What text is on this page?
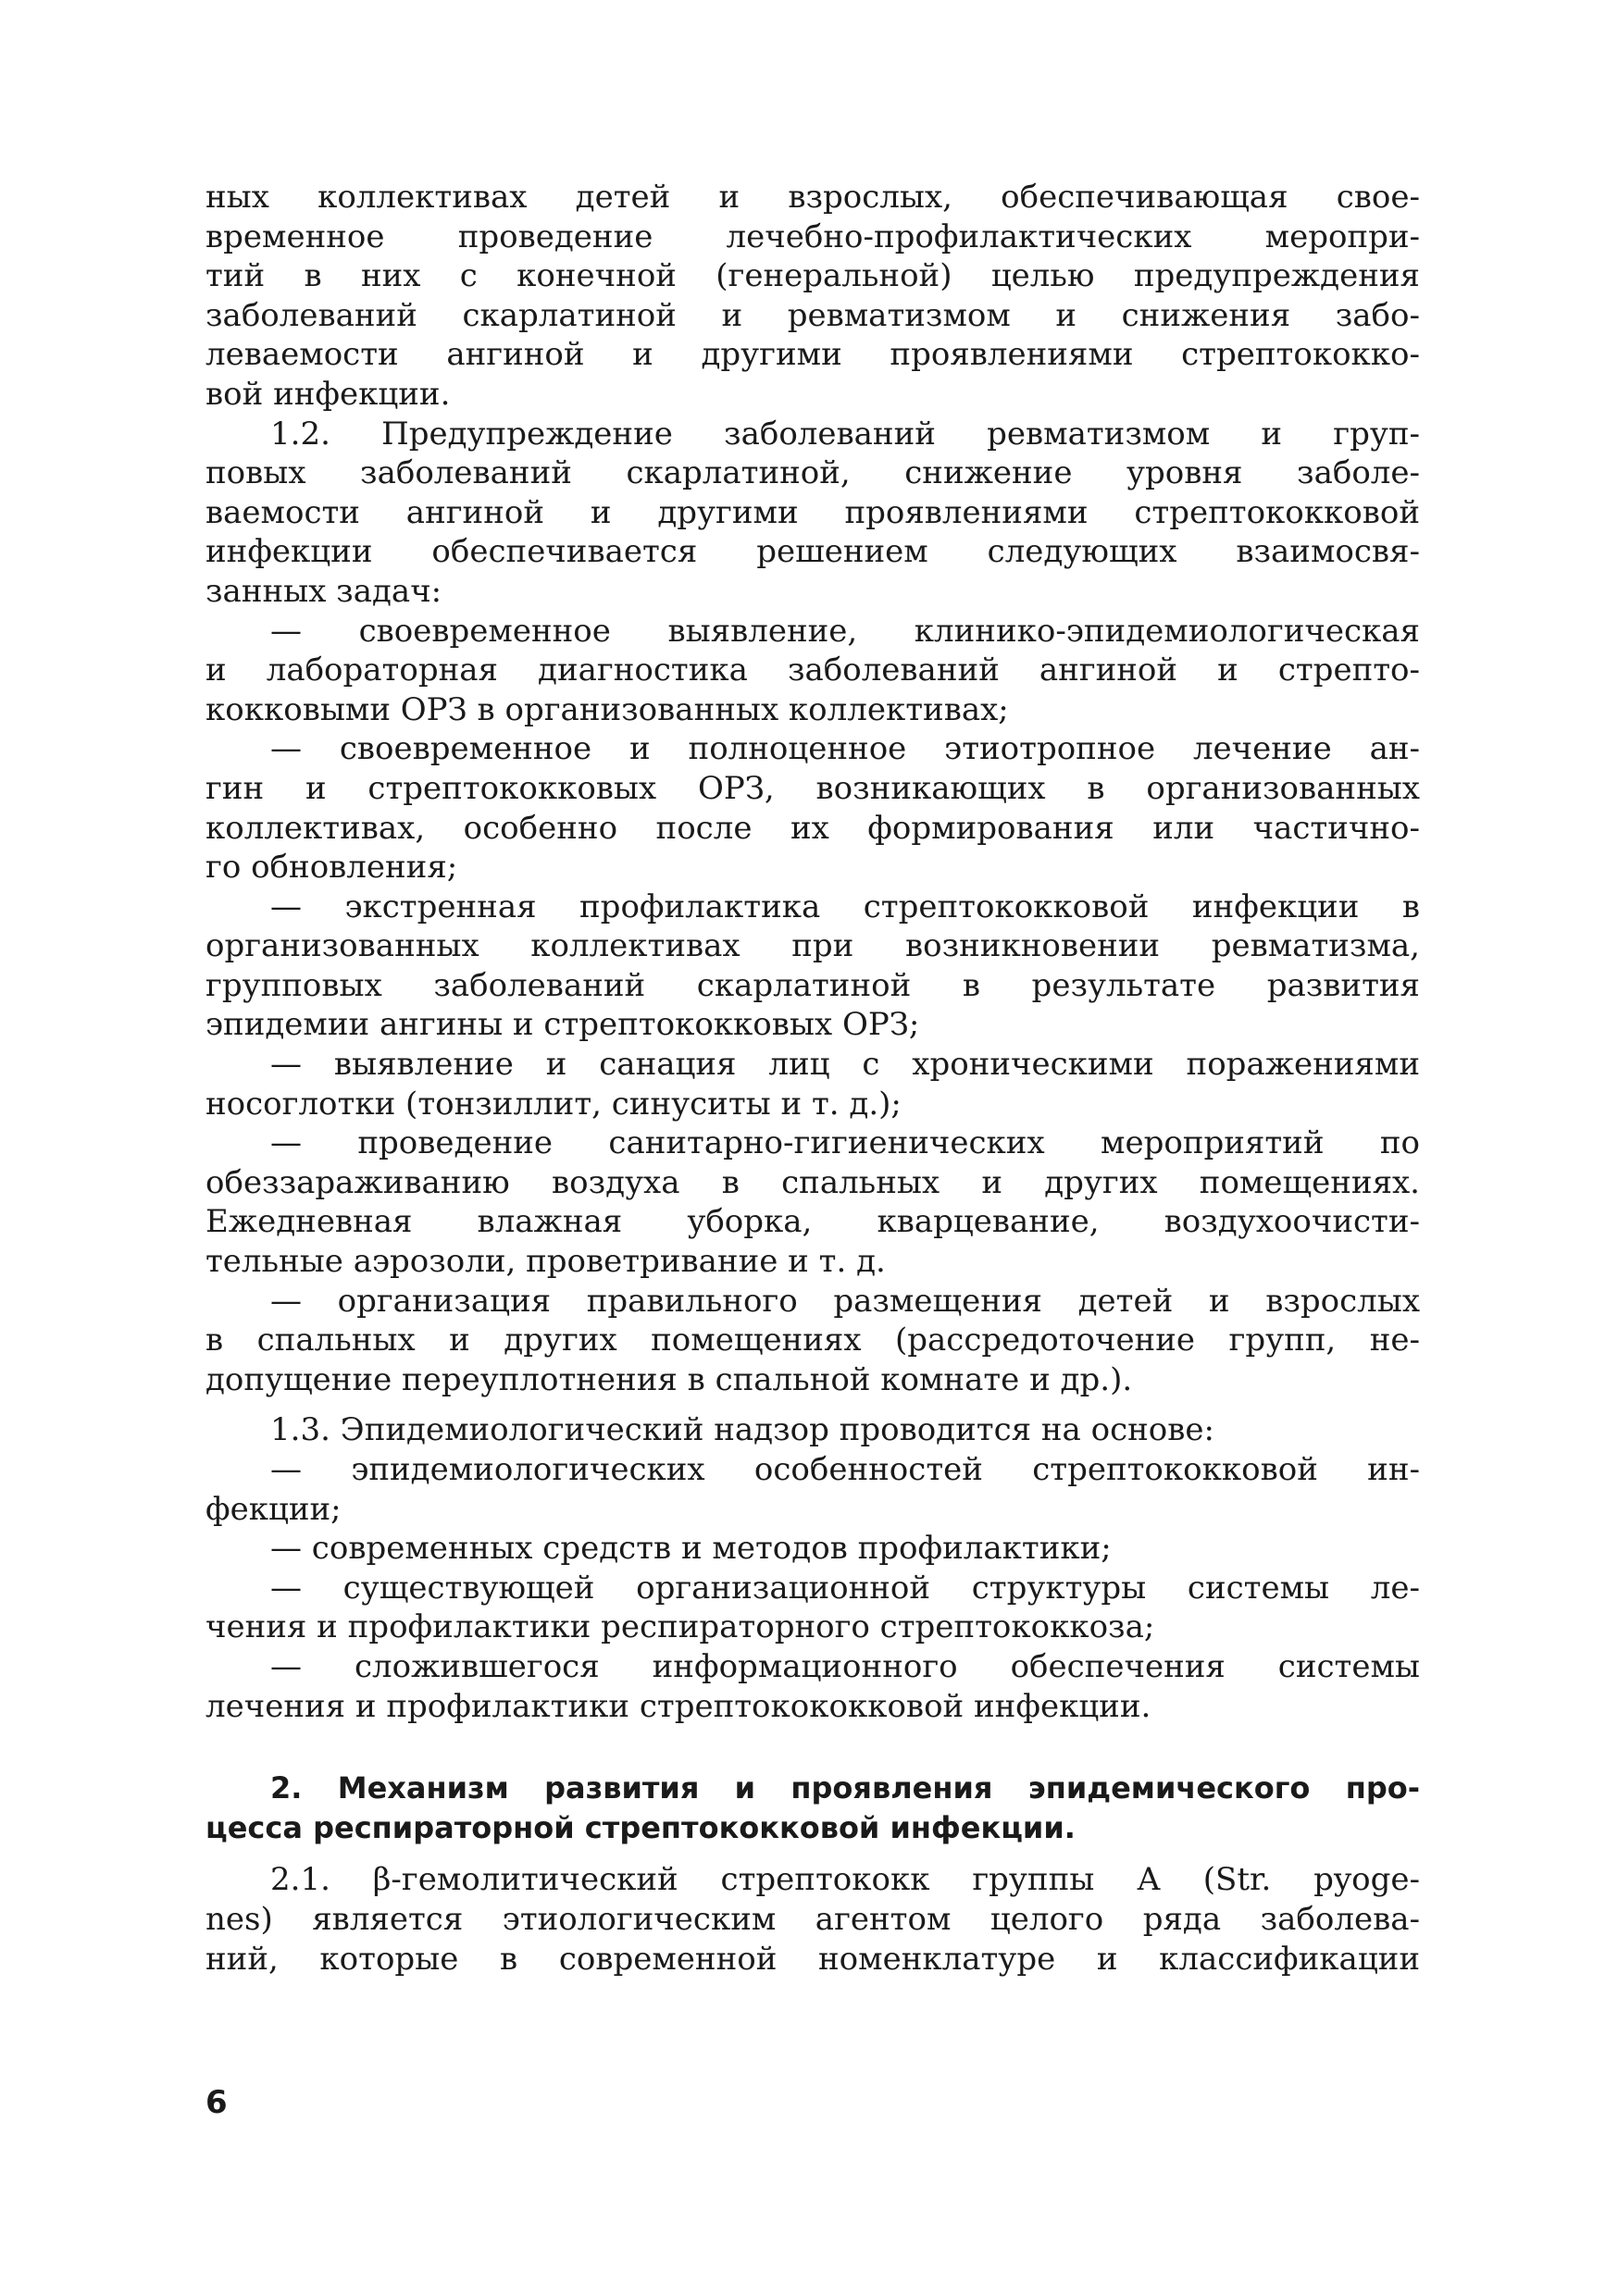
ных коллективах детей и взрослых, обеспечивающая свое-
временное проведение лечебно-профилактических меропри-
тий в них с конечной (генеральной) целью предупреждения
заболеваний скарлатиной и ревматизмом и снижения забо-
леваемости ангиной и другими проявлениями стрептококко-
вой инфекции.
1.2. Предупреждение заболеваний ревматизмом и груп-
повых заболеваний скарлатиной, снижение уровня заболе-
ваемости ангиной и другими проявлениями стрептококковой
инфекции обеспечивается решением следующих взаимосвя-
занных задач:
— своевременное выявление, клинико-эпидемиологическая
и лабораторная диагностика заболеваний ангиной и стрепто-
кокковыми ОРЗ в организованных коллективах;
— своевременное и полноценное этиотропное лечение ан-
гин и стрептококковых ОРЗ, возникающих в организованных
коллективах, особенно после их формирования или частично-
го обновления;
— экстренная профилактика стрептококковой инфекции в
организованных коллективах при возникновении ревматизма,
групповых заболеваний скарлатиной в результате развития
эпидемии ангины и стрептококковых ОРЗ;
— выявление и санация лиц с хроническими поражениями
носоглотки (тонзиллит, синуситы и т. д.);
— проведение санитарно-гигиенических мероприятий по
обеззараживанию воздуха в спальных и других помещениях.
Ежедневная влажная уборка, кварцевание, воздухоочисти-
тельные аэрозоли, проветривание и т. д.
— организация правильного размещения детей и взрослых
в спальных и других помещениях (рассредоточение групп, не-
допущение переуплотнения в спальной комнате и др.).
1.3. Эпидемиологический надзор проводится на основе:
— эпидемиологических особенностей стрептококковой ин-
фекции;
— современных средств и методов профилактики;
— существующей организационной структуры системы ле-
чения и профилактики респираторного стрептококкоза;
— сложившегося информационного обеспечения системы
лечения и профилактики стрептокококковой инфекции.
2. Механизм развития и проявления эпидемического про-
цесса респираторной стрептококковой инфекции.
2.1. β-гемолитический стрептококк группы А (Str. pyoge-
nes) является этиологическим агентом целого ряда заболева-
ний, которые в современной номенклатуре и классификации
6
